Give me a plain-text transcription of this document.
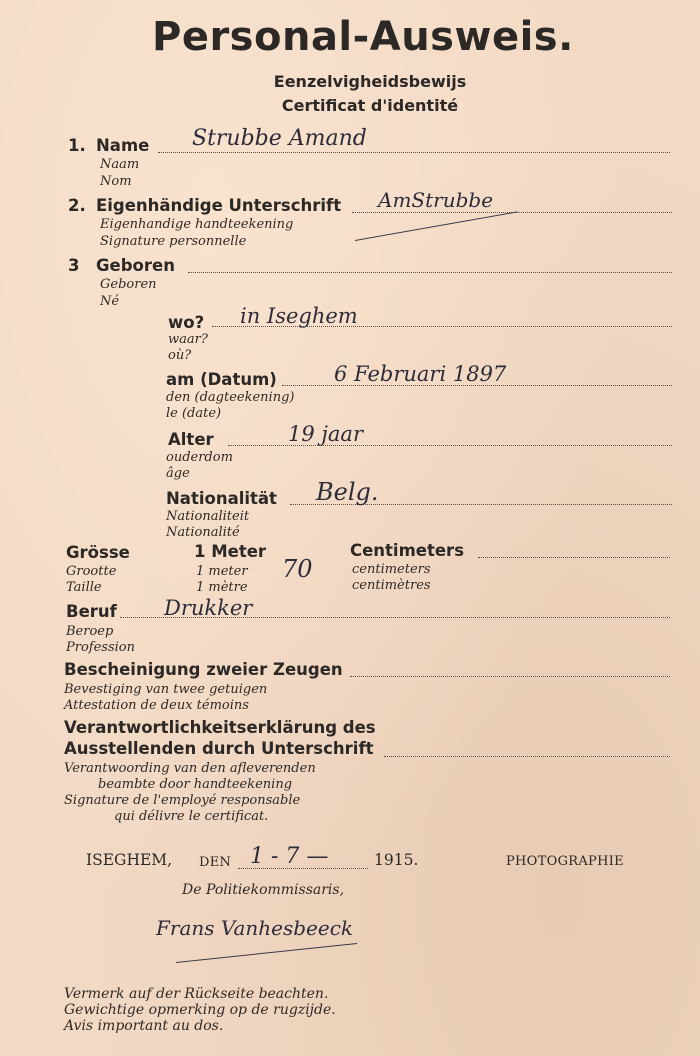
Personal-Ausweis.
Eenzelvigheidsbewijs
Certificat d'identité
1. Name
Naam
Nom
Strubbe Amand
2. Eigenhändige Unterschrift
Eigenhandige handteekening
Signature personnelle
AmStrubbe
3 Geboren
Geboren
Né
wo?
waar?
où?
in Iseghem
am (Datum)
den (dagteekening)
le (date)
6 Februari 1897
Alter
ouderdom
âge
19 jaar
Nationalität
Nationaliteit
Nationalité
Belg.
Grösse
Grootte
Taille
1 Meter
1 meter
1 mètre
70
Centimeters
centimeters
centimètres
Beruf
Beroep
Profession
Drukker
Bescheinigung zweier Zeugen
Bevestiging van twee getuigen
Attestation de deux témoins
Verantwortlichkeitserklärung des
Ausstellenden durch Unterschrift
Verantwoording van den afleverenden
beambte door handteekening
Signature de l'employé responsable
qui délivre le certificat.
ISEGHEM, DEN 1 - 7 —	1915.	PHOTOGRAPHIE
De Politiekommissaris,
Frans Vanhesbeeck
Vermerk auf der Rückseite beachten.
Gewichtige opmerking op de rugzijde.
Avis important au dos.
